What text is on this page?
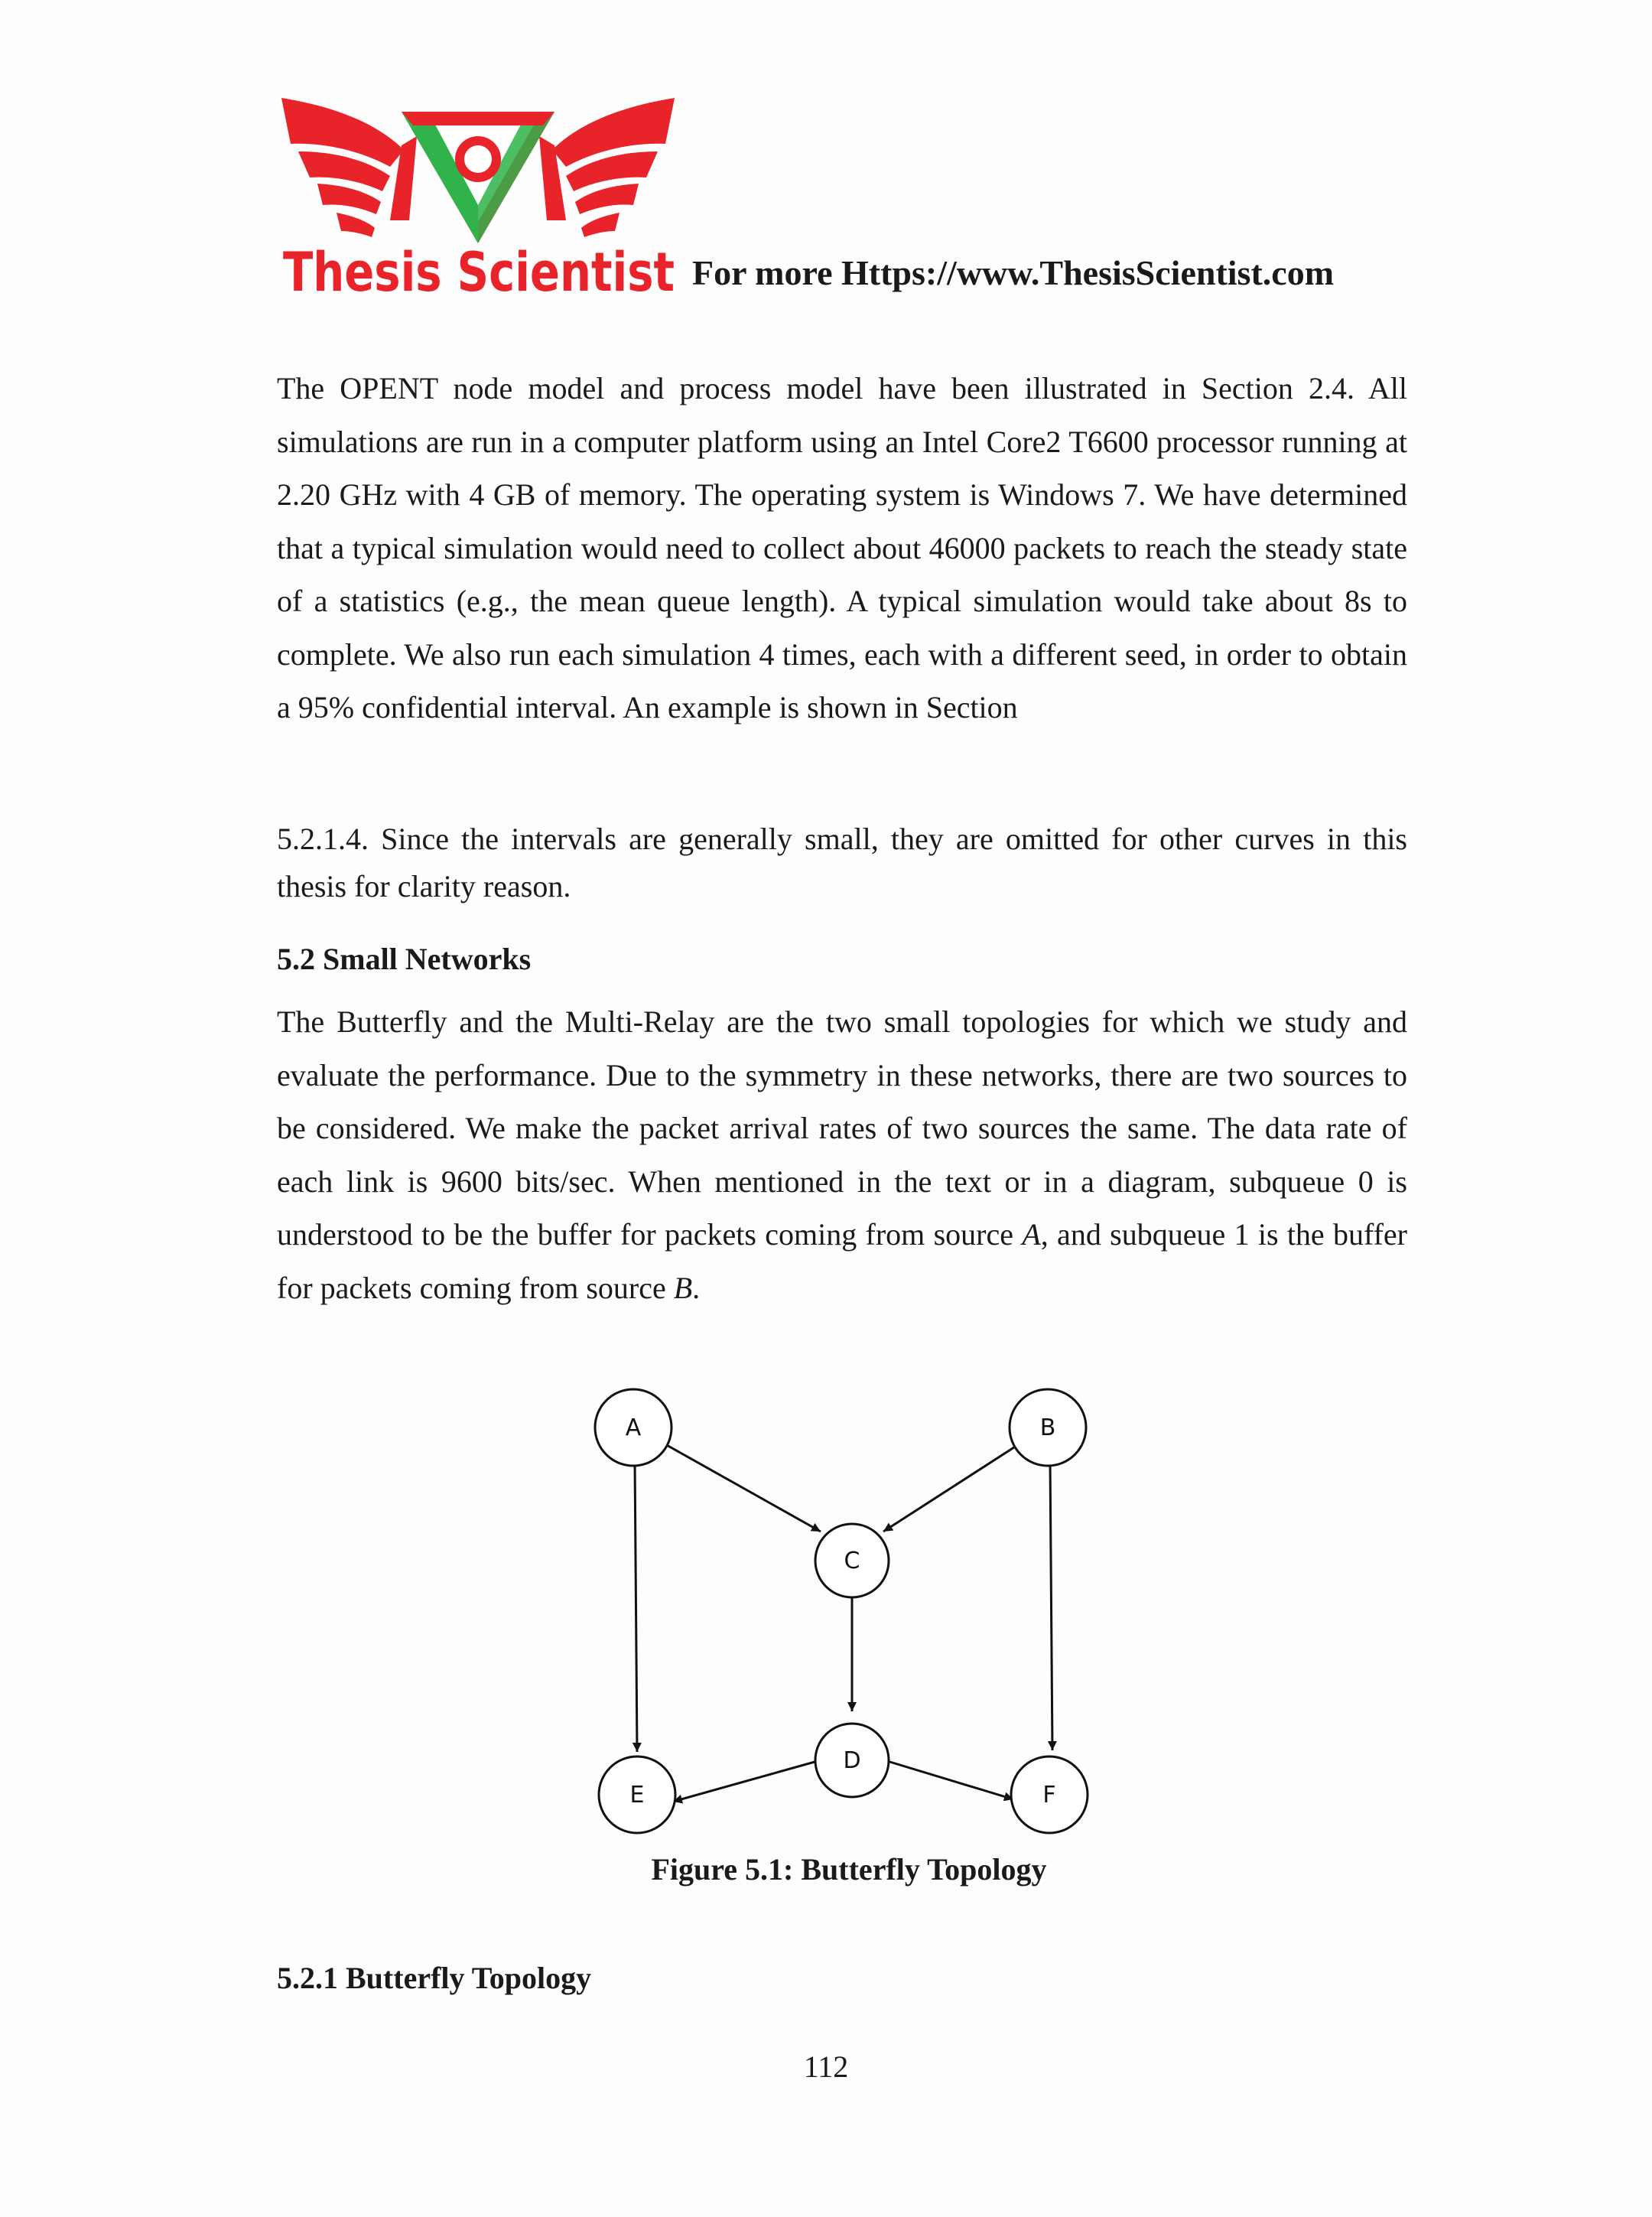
Thesis Scientist For more Https://www.ThesisScientist.com

The OPENT node model and process model have been illustrated in Section 2.4. All simulations are run in a computer platform using an Intel Core2 T6600 processor running at 2.20 GHz with 4 GB of memory. The operating system is Windows 7. We have determined that a typical simulation would need to collect about 46000 packets to reach the steady state of a statistics (e.g., the mean queue length). A typical simulation would take about 8s to complete. We also run each simulation 4 times, each with a different seed, in order to obtain a 95% confidential interval. An example is shown in Section

5.2.1.4. Since the intervals are generally small, they are omitted for other curves in this thesis for clarity reason.

5.2 Small Networks

The Butterfly and the Multi-Relay are the two small topologies for which we study and evaluate the performance. Due to the symmetry in these networks, there are two sources to be considered. We make the packet arrival rates of two sources the same. The data rate of each link is 9600 bits/sec. When mentioned in the text or in a diagram, subqueue 0 is understood to be the buffer for packets coming from source A, and subqueue 1 is the buffer for packets coming from source B.

A	B
C
D
E	F
Figure 5.1: Butterfly Topology
5.2.1 Butterfly Topology
112
